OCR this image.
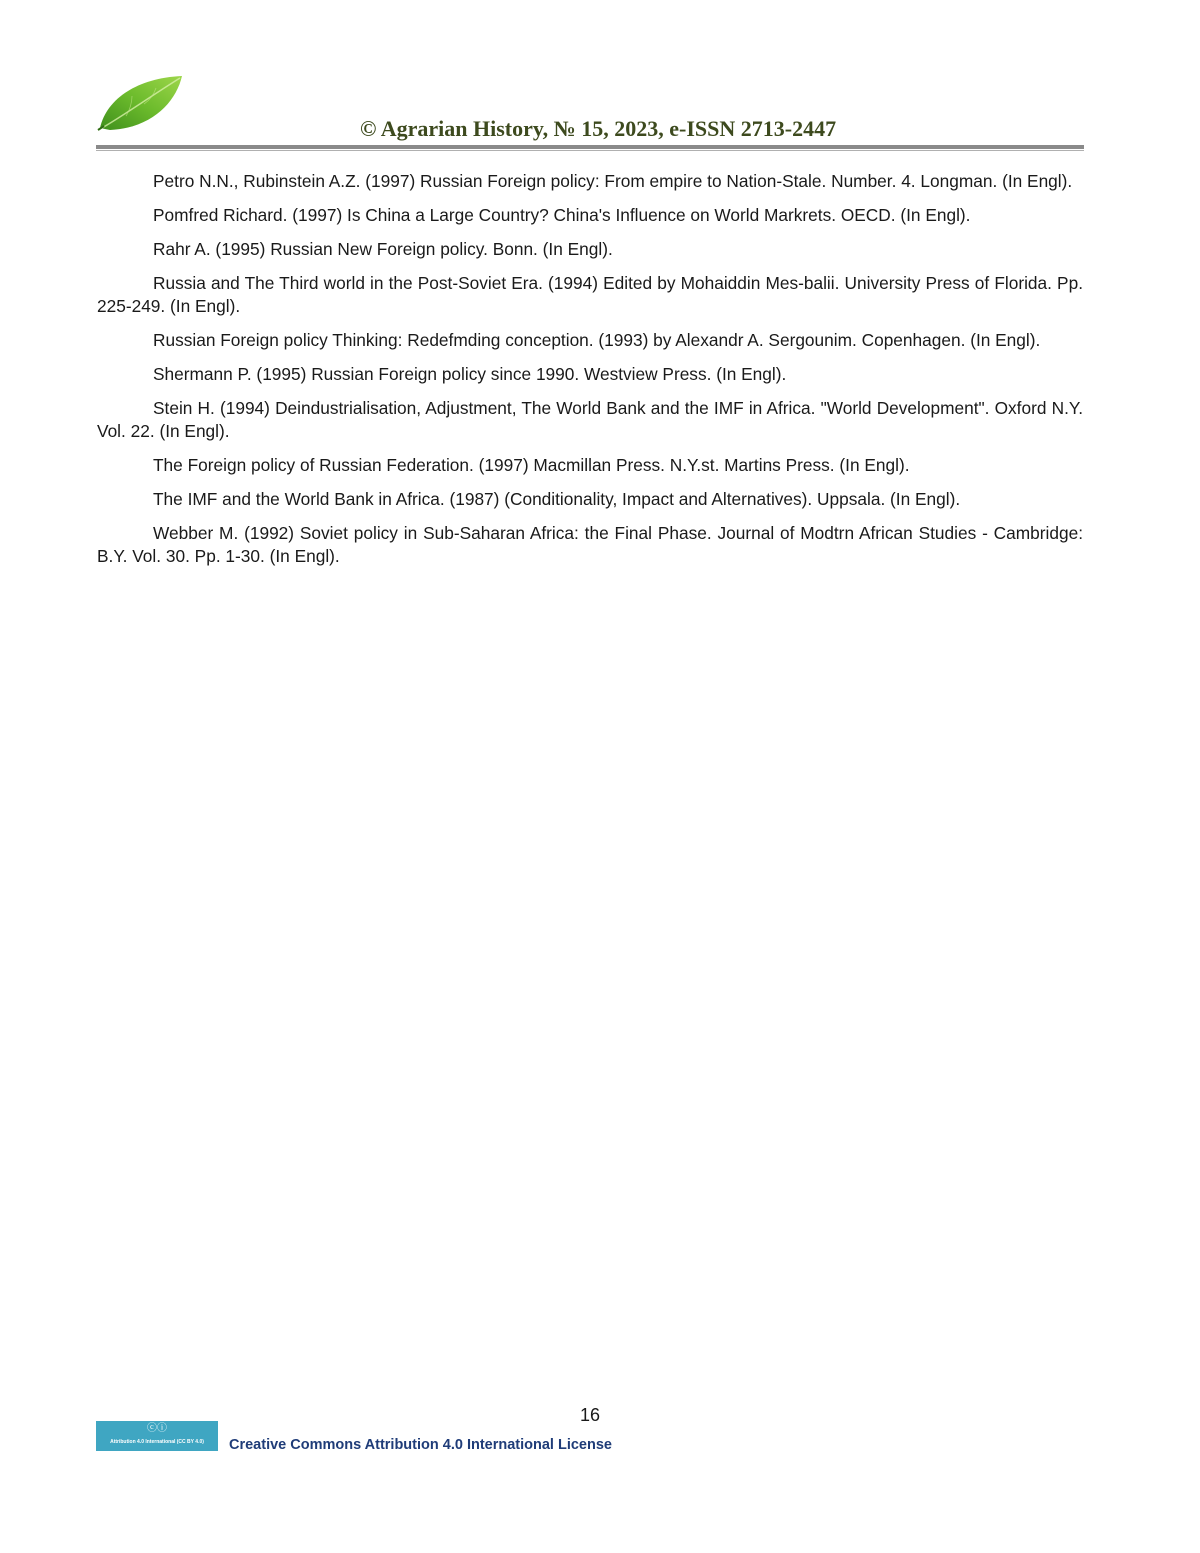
© Agrarian History, № 15, 2023, e-ISSN 2713-2447

Petro N.N., Rubinstein A.Z. (1997) Russian Foreign policy: From empire to Nation-Stale. Number. 4. Longman. (In Engl).

Pomfred Richard. (1997) Is China a Large Country? China's Influence on World Markrets. OECD. (In Engl).

Rahr A. (1995) Russian New Foreign policy. Bonn. (In Engl).

Russia and The Third world in the Post-Soviet Era. (1994) Edited by Mohaiddin Mes-balii. University Press of Florida. Pp. 225-249. (In Engl).

Russian Foreign policy Thinking: Redefmding conception. (1993) by Alexandr A. Sergounim. Copenhagen. (In Engl).

Shermann P. (1995) Russian Foreign policy since 1990. Westview Press. (In Engl).

Stein H. (1994) Deindustrialisation, Adjustment, The World Bank and the IMF in Africa. "World Development". Oxford N.Y. Vol. 22. (In Engl).

The Foreign policy of Russian Federation. (1997) Macmillan Press. N.Y.st. Martins Press. (In Engl).

The IMF and the World Bank in Africa. (1987) (Conditionality, Impact and Alternatives). Uppsala. (In Engl).

Webber M. (1992) Soviet policy in Sub-Saharan Africa: the Final Phase. Journal of Modtrn African Studies - Cambridge: B.Y. Vol. 30. Pp. 1-30. (In Engl).

16
ⓒⓘ
Attribution 4.0 International (CC BY 4.0)	Creative Commons Attribution 4.0 International License
